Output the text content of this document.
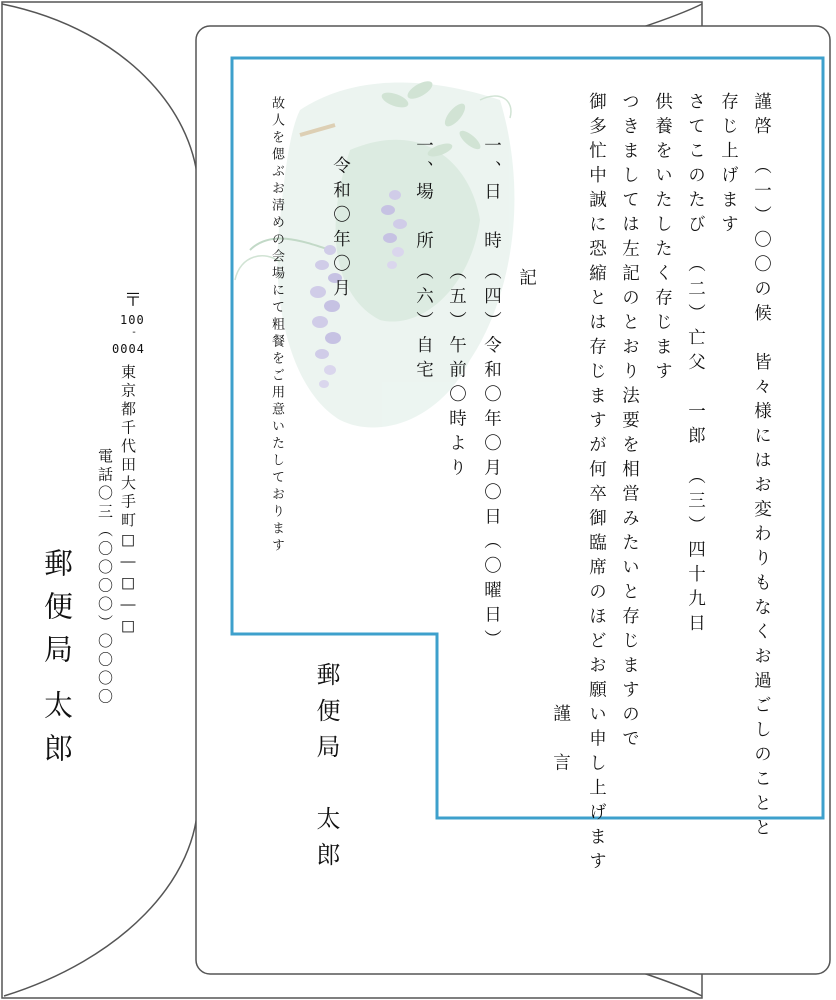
謹啓　（一）〇〇の候　皆々様にはお変わりもなくお過ごしのことと
存じ上げます
さてこのたび　（二）亡父　一郎　（三）四十九日
供養をいたしたく存じます
つきましては左記のとおり法要を相営みたいと存じますので
御多忙中誠に恐縮とは存じますが何卒御臨席のほどお願い申し上げます
謹　言
記
一、
日　時
（四）令和〇年〇月〇日（〇曜日）
（五）午前〇時より
一、
場　所
（六）自宅
令和〇年〇月
故人を偲ぶお清めの会場にて粗餐をご用意いたしております
郵便局
太郎
〒
100
‐
0004
東京都千代田大手町□―□―□
電話〇三（〇〇〇〇）〇〇〇〇
郵便局
太郎
